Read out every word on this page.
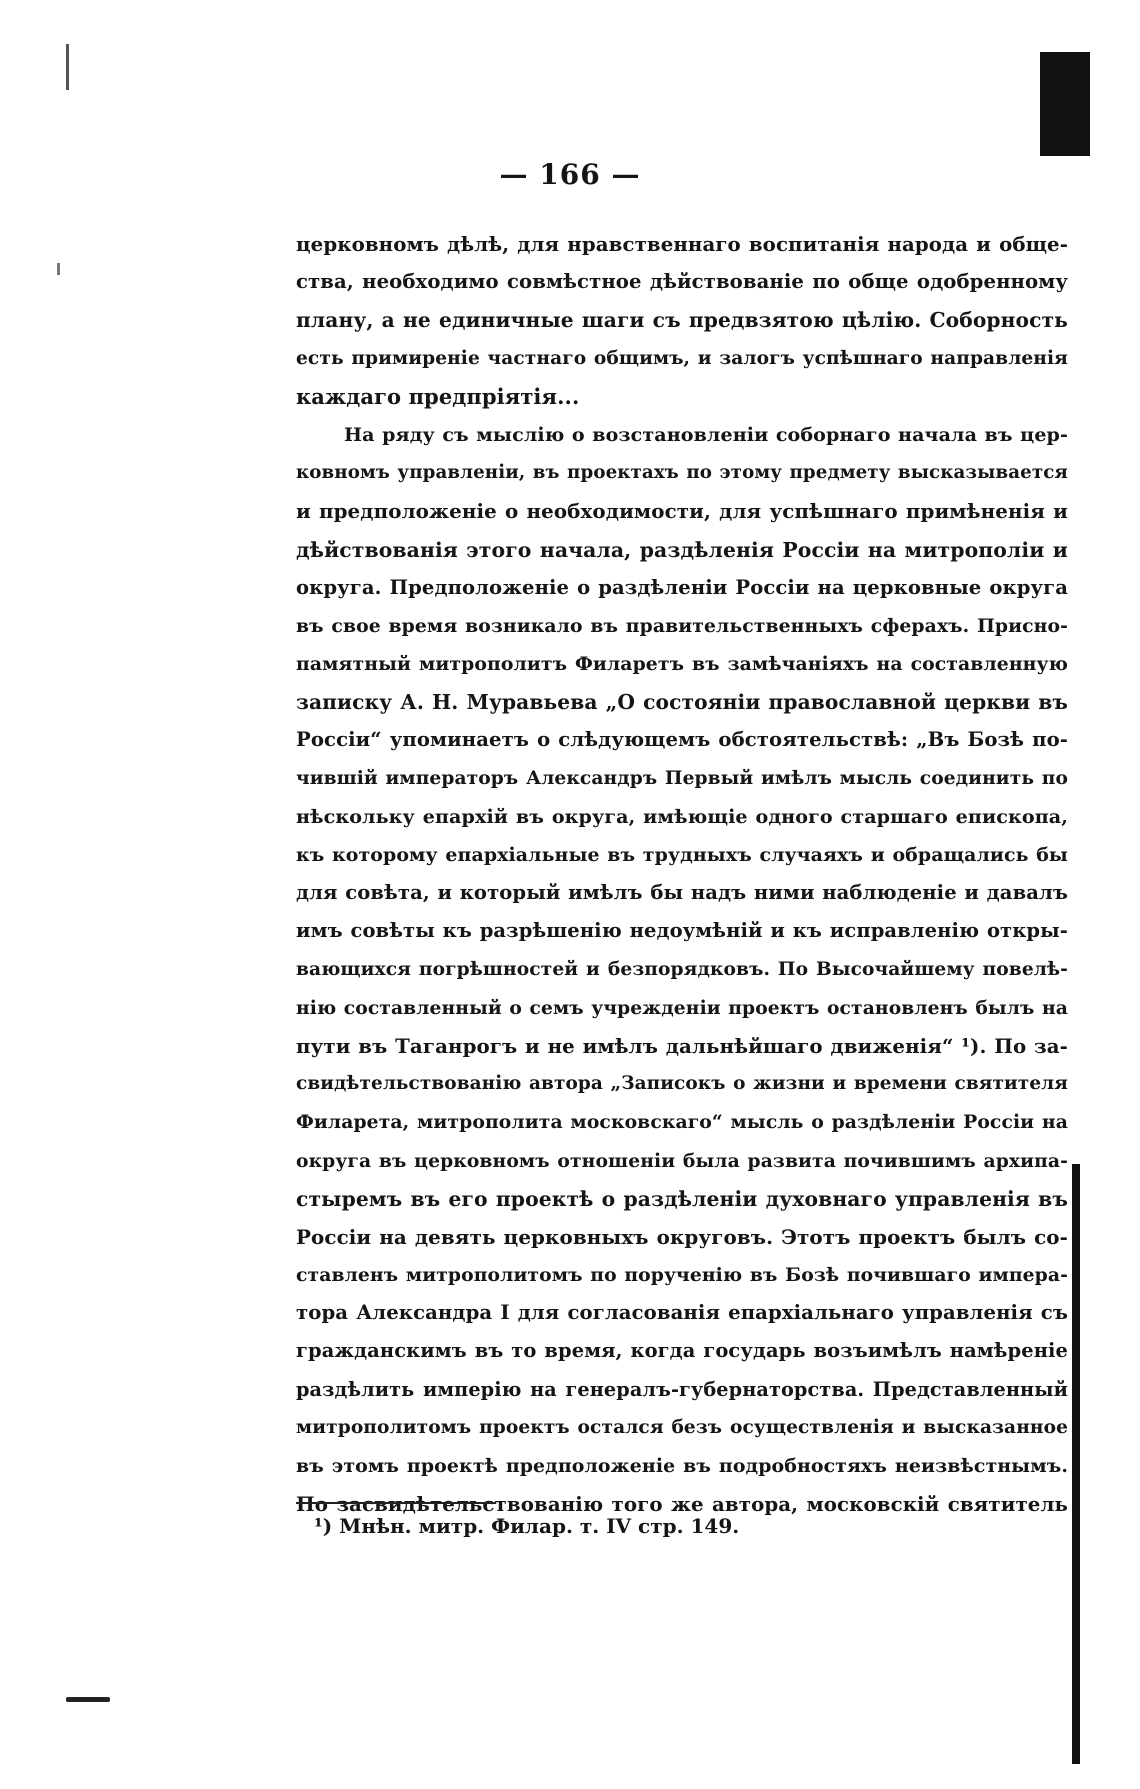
— 166 —
церковномъ дѣлѣ, для нравственнаго воспитанія народа и обще-
ства, необходимо совмѣстное дѣйствованіе по обще одобренному
плану, а не единичные шаги съ предвзятою цѣлію. Соборность
есть примиреніе частнаго общимъ, и залогъ успѣшнаго направленія
каждаго предпріятія...
На ряду съ мыслію о возстановленіи соборнаго начала въ цер-
ковномъ управленіи, въ проектахъ по этому предмету высказывается
и предположеніе о необходимости, для успѣшнаго примѣненія и
дѣйствованія этого начала, раздѣленія Россіи на митрополіи и
округа. Предположеніе о раздѣленіи Россіи на церковные округа
въ свое время возникало въ правительственныхъ сферахъ. Присно-
памятный митрополитъ Филаретъ въ замѣчаніяхъ на составленную
записку А. Н. Муравьева „О состояніи православной церкви въ
Россіи“ упоминаетъ о слѣдующемъ обстоятельствѣ: „Въ Бозѣ по-
чившій императоръ Александръ Первый имѣлъ мысль соединить по
нѣскольку епархій въ округа, имѣющіе одного старшаго епископа,
къ которому епархіальные въ трудныхъ случаяхъ и обращались бы
для совѣта, и который имѣлъ бы надъ ними наблюденіе и давалъ
имъ совѣты къ разрѣшенію недоумѣній и къ исправленію откры-
вающихся погрѣшностей и безпорядковъ. По Высочайшему повелѣ-
нію составленный о семъ учрежденіи проектъ остановленъ былъ на
пути въ Таганрогъ и не имѣлъ дальнѣйшаго движенія“ ¹). По за-
свидѣтельствованію автора „Записокъ о жизни и времени святителя
Филарета, митрополита московскаго“ мысль о раздѣленіи Россіи на
округа въ церковномъ отношеніи была развита почившимъ архипа-
стыремъ въ его проектѣ о раздѣленіи духовнаго управленія въ
Россіи на девять церковныхъ округовъ. Этотъ проектъ былъ со-
ставленъ митрополитомъ по порученію въ Бозѣ почившаго импера-
тора Александра I для согласованія епархіальнаго управленія съ
гражданскимъ въ то время, когда государь возъимѣлъ намѣреніе
раздѣлить имперію на генералъ-губернаторства. Представленный
митрополитомъ проектъ остался безъ осуществленія и высказанное
въ этомъ проектѣ предположеніе въ подробностяхъ неизвѣстнымъ.
По засвидѣтельствованію того же автора, московскій святитель
¹) Мнѣн. митр. Филар. т. IV стр. 149.
